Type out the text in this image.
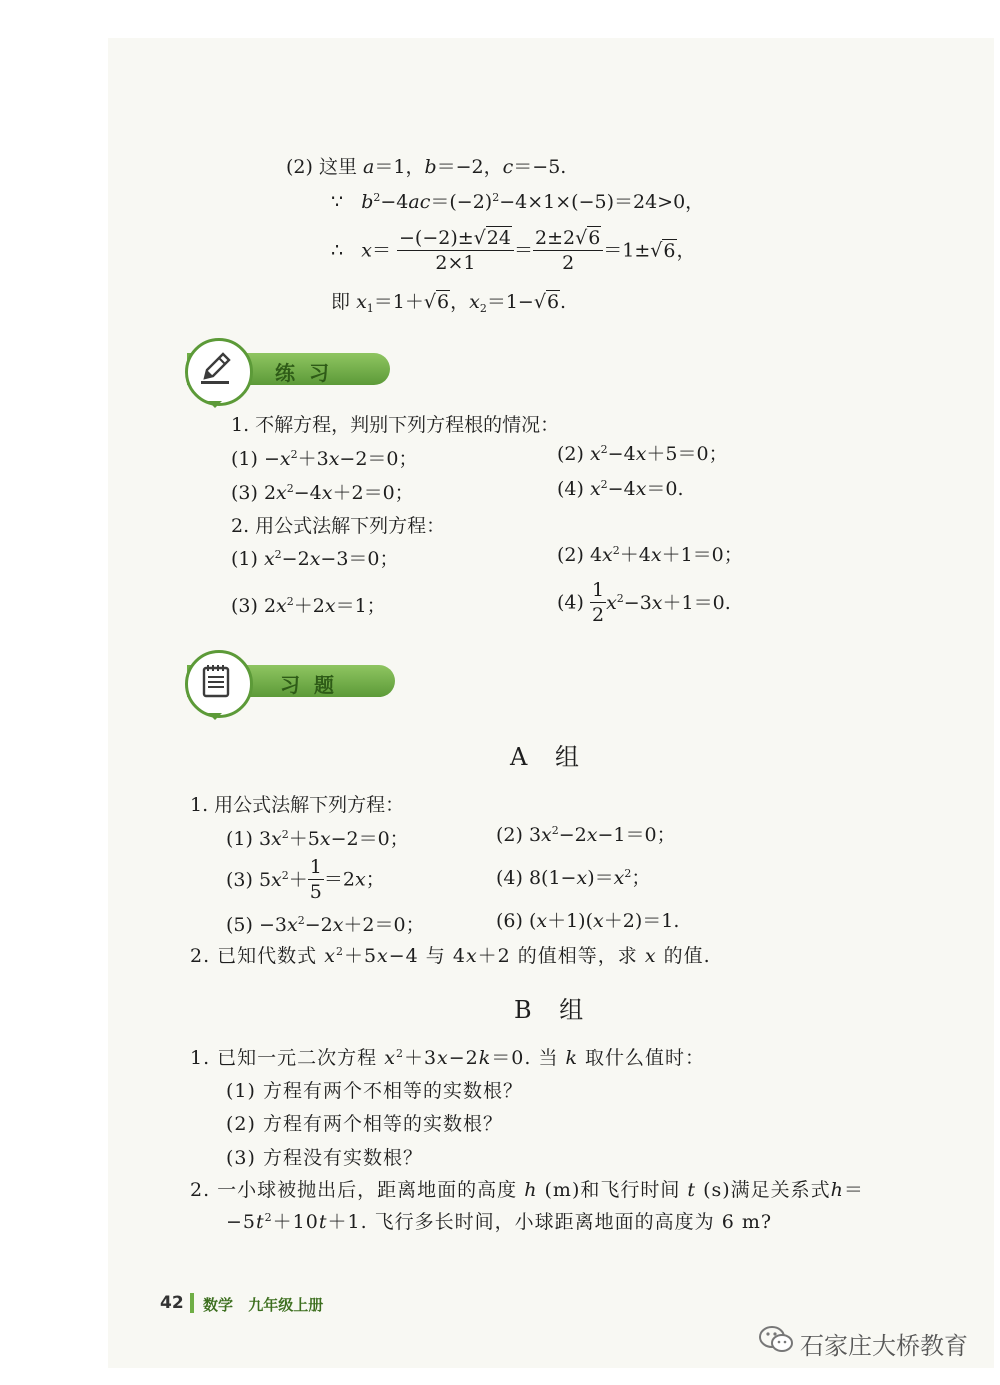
(2) 这里 a＝1，b＝−2，c＝−5.
∵ $b^2-4ac=(-2)^2-4\times 1\times(-5)=24>0$，
∴ $x= \frac{-(-2)\pm√24}{2\times 1} = \frac{2\pm 2√6}{2} =1\pm√6$，
即 $x_1=1+√6$，$x_2=1-√6$.
练习
1. 不解方程，判别下列方程根的情况：
$(1) -x^2+3x-2=0$；	(2) $x^2-4x+5=0$；
(3) $2x^2-4x+2=0$；	(4) $x^2-4x=0$.
2. 用公式法解下列方程：
(1) $x^2-2x-3=0$；	(2) $4x^2+4x+1=0$；
(3) $2x^2+2x=1$；	$(4) \frac{1}{2} x^2-3x+1=0$.
习题
A 组
1. 用公式法解下列方程：
(1) $3x^2+5x-2=0$；	(2) $3x^2-2x-1=0$；
(3) $5x^2+ \frac{1}{5} =2x$；	(4) $8(1-x)=x^2$；
$(5) -3x^2-2x+2=0$；	(6) (x＋1)(x＋2)＝1.
2. 已知代数式 $x^2+5x-4$ 与 4x＋2 的值相等，求 x 的值.
B 组
1. 已知一元二次方程 $x^2+3x-2k=0$. 当 k 取什么值时：
(1) 方程有两个不相等的实数根？
(2) 方程有两个相等的实数根？
(3) 方程没有实数根？
2. 一小球被抛出后，距离地面的高度 h (m)和飞行时间 t (s)满足关系式h＝
$-5t^2+10t+1$. 飞行多长时间，小球距离地面的高度为 6 m?
42 数学 九年级上册
石家庄大桥教育
